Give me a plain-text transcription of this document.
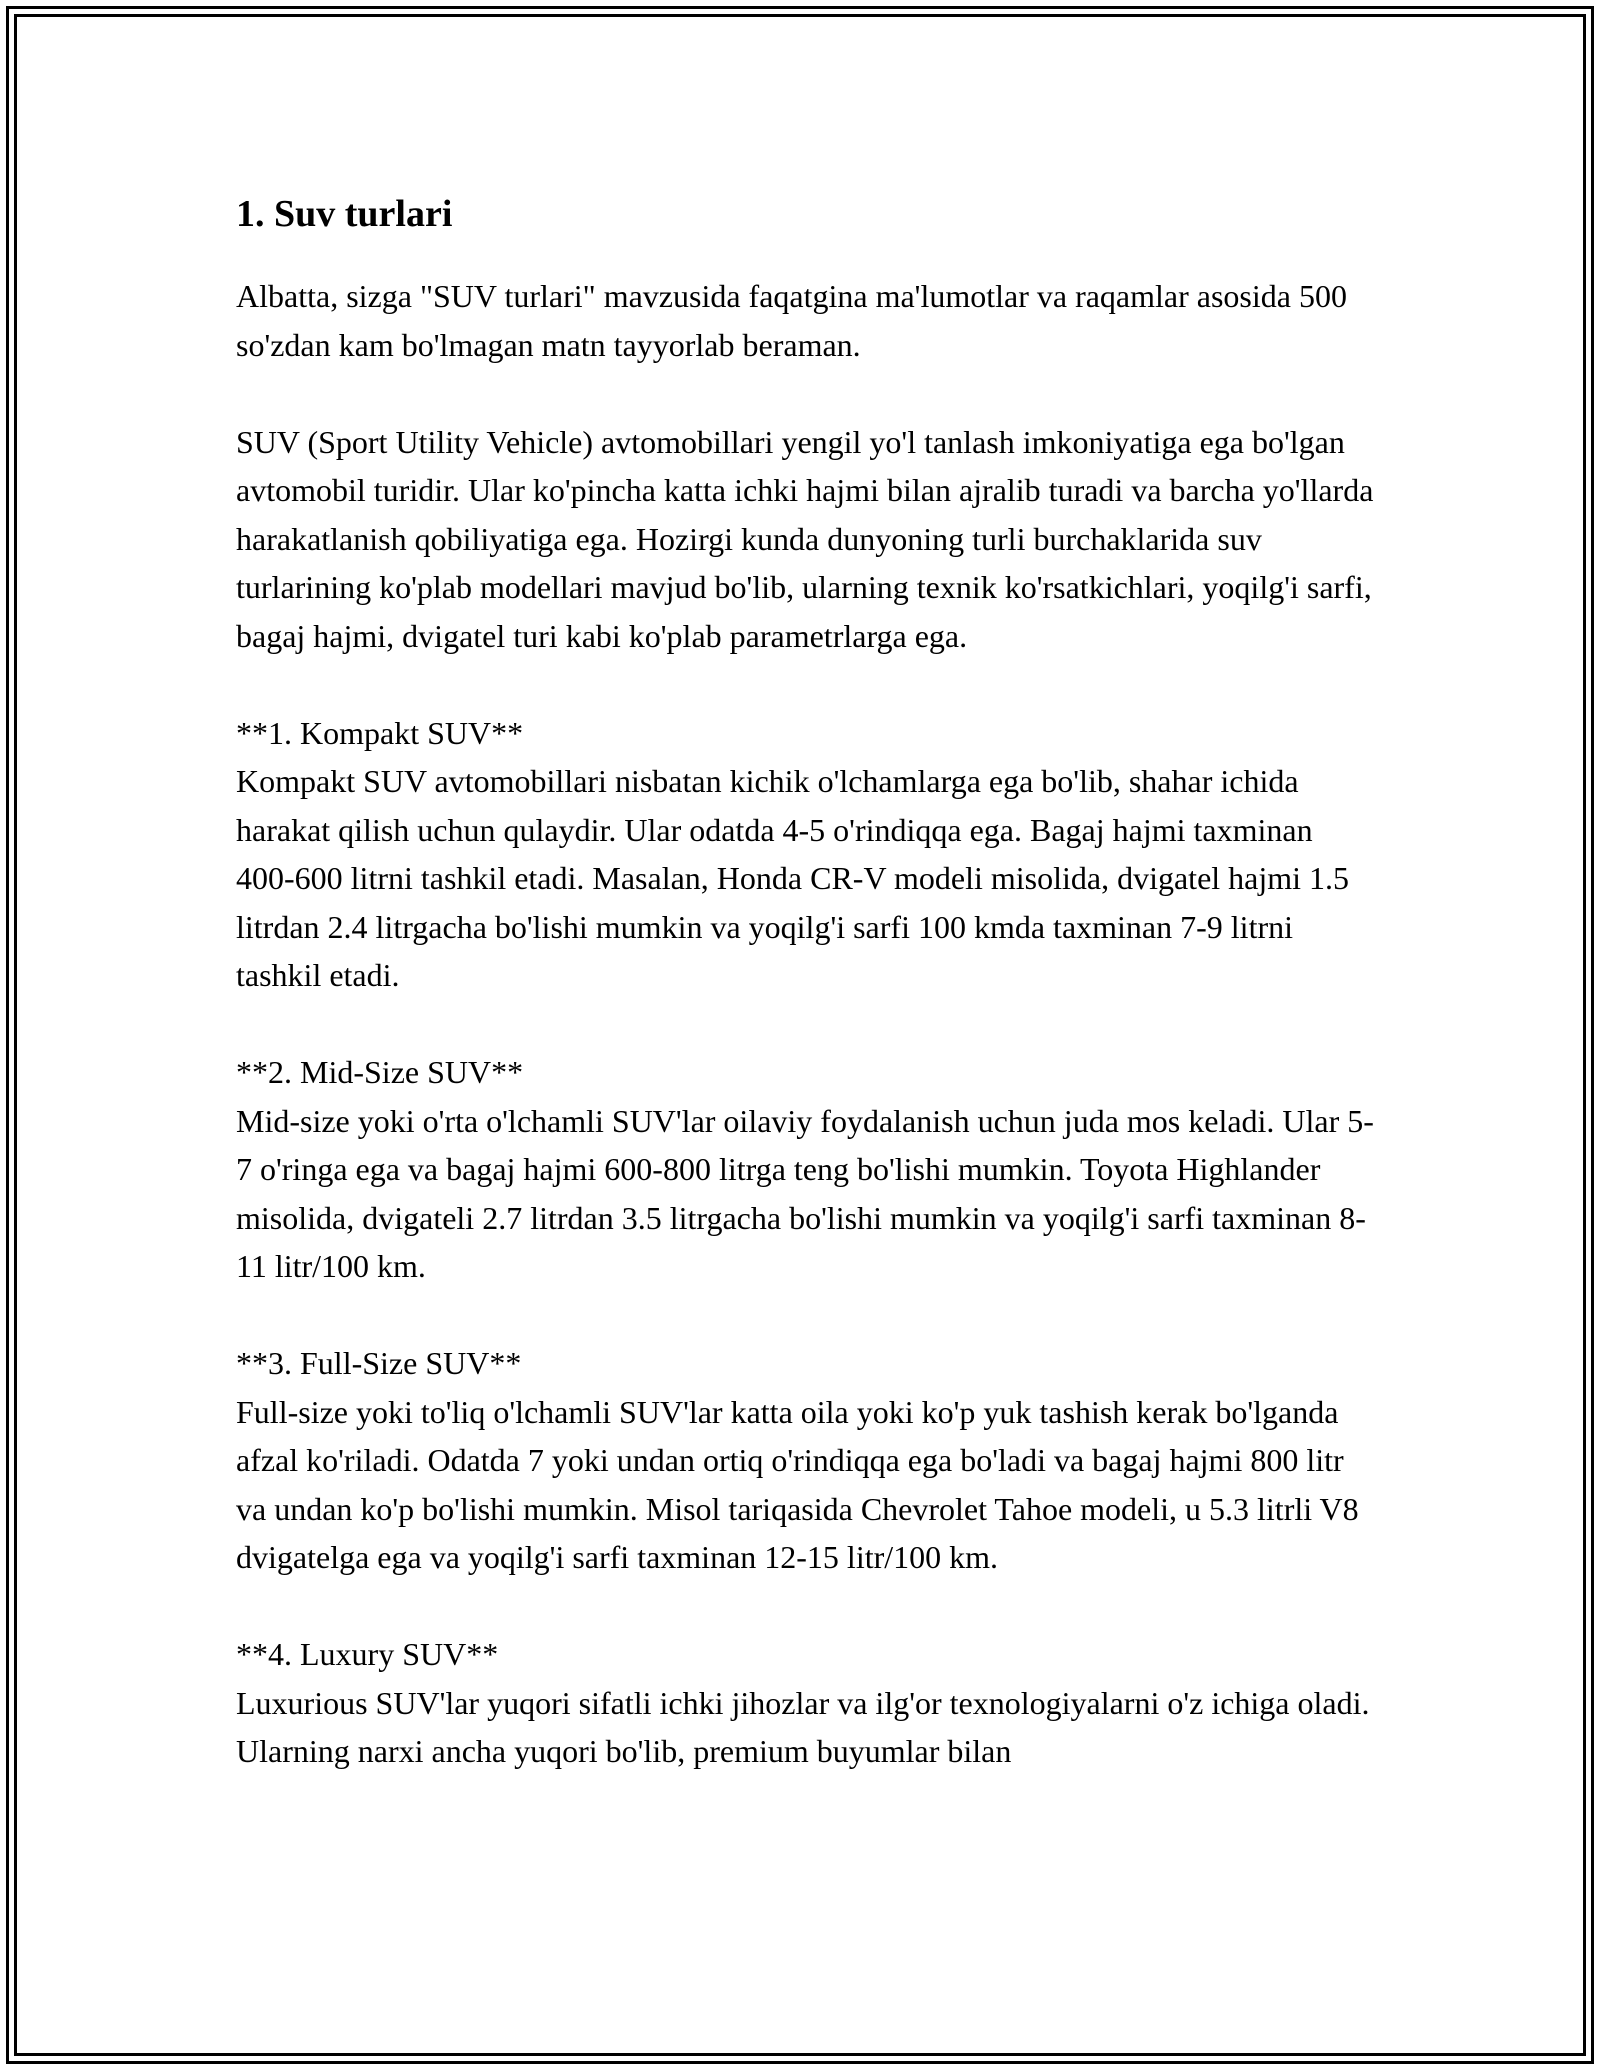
1. Suv turlari

Albatta, sizga "SUV turlari" mavzusida faqatgina ma'lumotlar va raqamlar asosida 500 so'zdan kam bo'lmagan matn tayyorlab beraman.

SUV (Sport Utility Vehicle) avtomobillari yengil yo'l tanlash imkoniyatiga ega bo'lgan avtomobil turidir. Ular ko'pincha katta ichki hajmi bilan ajralib turadi va barcha yo'llarda harakatlanish qobiliyatiga ega. Hozirgi kunda dunyoning turli burchaklarida suv turlarining ko'plab modellari mavjud bo'lib, ularning texnik ko'rsatkichlari, yoqilg'i sarfi, bagaj hajmi, dvigatel turi kabi ko'plab parametrlarga ega.

**1. Kompakt SUV**

Kompakt SUV avtomobillari nisbatan kichik o'lchamlarga ega bo'lib, shahar ichida harakat qilish uchun qulaydir. Ular odatda 4-5 o'rindiqqa ega. Bagaj hajmi taxminan 400-600 litrni tashkil etadi. Masalan, Honda CR-V modeli misolida, dvigatel hajmi 1.5 litrdan 2.4 litrgacha bo'lishi mumkin va yoqilg'i sarfi 100 kmda taxminan 7-9 litrni tashkil etadi.

**2. Mid-Size SUV**

Mid-size yoki o'rta o'lchamli SUV'lar oilaviy foydalanish uchun juda mos keladi. Ular 5-7 o'ringa ega va bagaj hajmi 600-800 litrga teng bo'lishi mumkin. Toyota Highlander misolida, dvigateli 2.7 litrdan 3.5 litrgacha bo'lishi mumkin va yoqilg'i sarfi taxminan 8-11 litr/100 km.

**3. Full-Size SUV**

Full-size yoki to'liq o'lchamli SUV'lar katta oila yoki ko'p yuk tashish kerak bo'lganda afzal ko'riladi. Odatda 7 yoki undan ortiq o'rindiqqa ega bo'ladi va bagaj hajmi 800 litr va undan ko'p bo'lishi mumkin. Misol tariqasida Chevrolet Tahoe modeli, u 5.3 litrli V8 dvigatelga ega va yoqilg'i sarfi taxminan 12-15 litr/100 km.

**4. Luxury SUV**

Luxurious SUV'lar yuqori sifatli ichki jihozlar va ilg'or texnologiyalarni o'z ichiga oladi. Ularning narxi ancha yuqori bo'lib, premium buyumlar bilan
